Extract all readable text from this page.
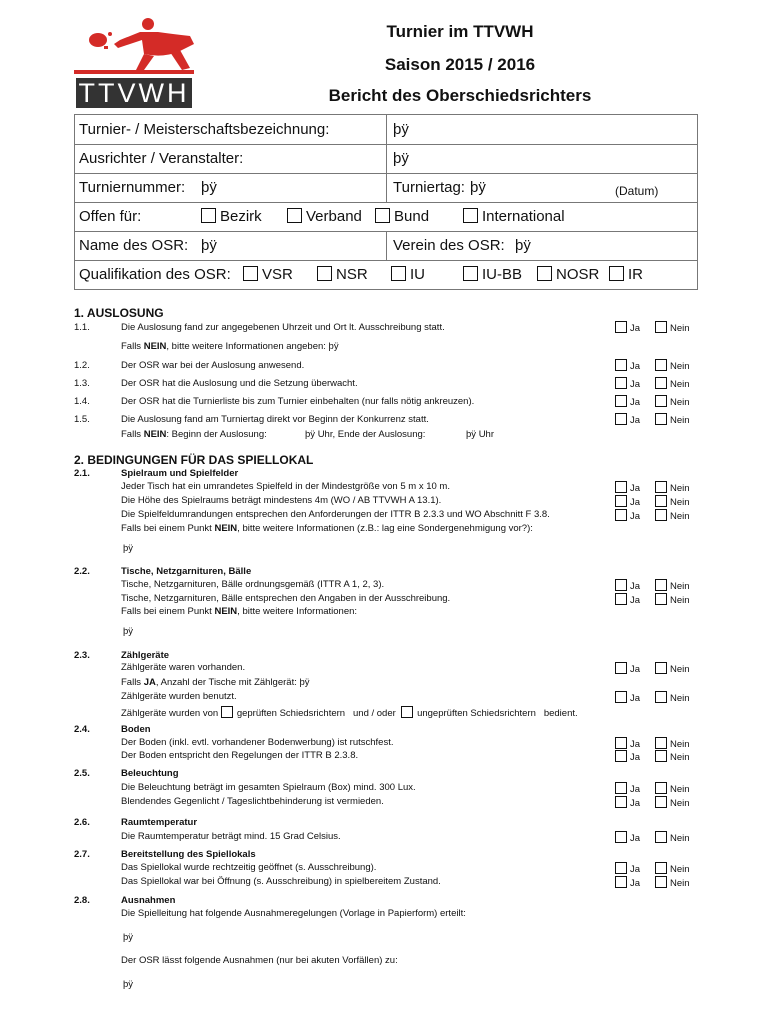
TTVWH
Turnier im TTVWH
Saison 2015 / 2016
Bericht des Oberschiedsrichters
Turnier- / Meisterschaftsbezeichnung:	þÿ
Ausrichter / Veranstalter:	þÿ
Turniernummer: þÿ	Turniertag: þÿ	(Datum)
Offen für:	Bezirk	Verband	Bund	International
Name des OSR: þÿ	Verein des OSR: þÿ
Qualifikation des OSR:	VSR	NSR	IU	IU-BB	NOSR	IR
1. AUSLOSUNG
1.1.	Die Auslosung fand zur angegebenen Uhrzeit und Ort lt. Ausschreibung statt.	Ja	Nein
Falls NEIN, bitte weitere Informationen angeben: þÿ
1.2.	Der OSR war bei der Auslosung anwesend.	Ja	Nein
1.3.	Der OSR hat die Auslosung und die Setzung überwacht.	Ja	Nein
1.4.	Der OSR hat die Turnierliste bis zum Turnier einbehalten (nur falls nötig ankreuzen).	Ja	Nein
1.5.	Die Auslosung fand am Turniertag direkt vor Beginn der Konkurrenz statt.	Ja	Nein
Falls NEIN: Beginn der Auslosung:	þÿ Uhr, Ende der Auslosung:	þÿ Uhr
2. BEDINGUNGEN FÜR DAS SPIELLOKAL
2.1.	Spielraum und Spielfelder
Jeder Tisch hat ein umrandetes Spielfeld in der Mindestgröße von 5 m x 10 m.	Ja	Nein
Die Höhe des Spielraums beträgt mindestens 4m (WO / AB TTVWH A 13.1).	Ja	Nein
Die Spielfeldumrandungen entsprechen den Anforderungen der ITTR B 2.3.3 und WO Abschnitt F 3.8.	Ja	Nein
Falls bei einem Punkt NEIN, bitte weitere Informationen (z.B.: lag eine Sondergenehmigung vor?):
þÿ
2.2.	Tische, Netzgarnituren, Bälle
Tische, Netzgarnituren, Bälle ordnungsgemäß (ITTR A 1, 2, 3).	Ja	Nein
Tische, Netzgarnituren, Bälle entsprechen den Angaben in der Ausschreibung.	Ja	Nein
Falls bei einem Punkt NEIN, bitte weitere Informationen:
þÿ
2.3.	Zählgeräte
Zählgeräte waren vorhanden.	Ja	Nein
Falls JA, Anzahl der Tische mit Zählgerät: þÿ
Zählgeräte wurden benutzt.	Ja	Nein
Zählgeräte wurden von geprüften Schiedsrichtern und / oder ungeprüften Schiedsrichtern bedient.
2.4.	Boden
Der Boden (inkl. evtl. vorhandener Bodenwerbung) ist rutschfest.	Ja	Nein
Der Boden entspricht den Regelungen der ITTR B 2.3.8.	Ja	Nein
2.5.	Beleuchtung
Die Beleuchtung beträgt im gesamten Spielraum (Box) mind. 300 Lux.	Ja	Nein
Blendendes Gegenlicht / Tageslichtbehinderung ist vermieden.	Ja	Nein
2.6.	Raumtemperatur
Die Raumtemperatur beträgt mind. 15 Grad Celsius.	Ja	Nein
2.7.	Bereitstellung des Spiellokals
Das Spiellokal wurde rechtzeitig geöffnet (s. Ausschreibung).	Ja	Nein
Das Spiellokal war bei Öffnung (s. Ausschreibung) in spielbereitem Zustand.	Ja	Nein
2.8.	Ausnahmen
Die Spielleitung hat folgende Ausnahmeregelungen (Vorlage in Papierform) erteilt:
þÿ
Der OSR lässt folgende Ausnahmen (nur bei akuten Vorfällen) zu:
þÿ
